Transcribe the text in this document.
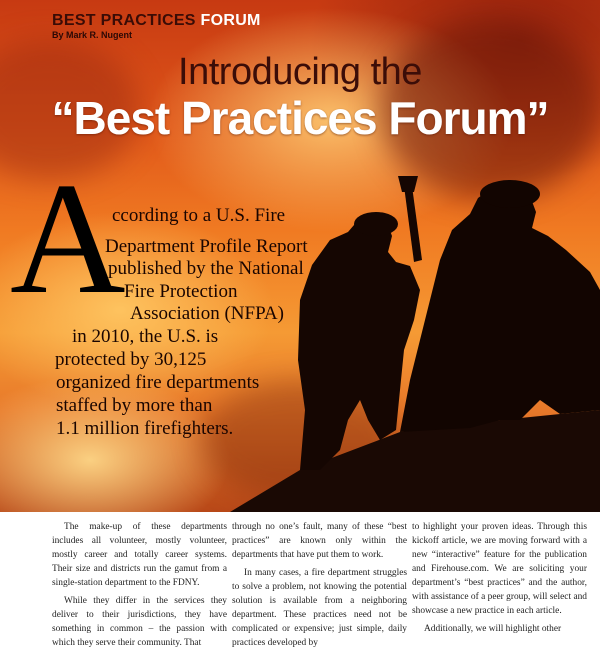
BEST PRACTICES FORUM
By Mark R. Nugent
Introducing the
“Best Practices Forum”
A
ccording to a U.S. Fire
Department Profile Report
published by the National
Fire Protection
Association (NFPA)
in 2010, the U.S. is
protected by 30,125
organized fire departments
staffed by more than
1.1 million firefighters.

The make-up of these departments includes all volunteer, mostly volunteer, mostly career and totally career systems. Their size and districts run the gamut from a single-station department to the FDNY.

While they differ in the services they deliver to their jurisdictions, they have something in common – the passion with which they serve their community. That

through no one’s fault, many of these “best practices” are known only within the departments that have put them to work.

In many cases, a fire department struggles to solve a problem, not knowing the potential solution is available from a neighboring department. These practices need not be complicated or expensive; just simple, daily practices developed by

to highlight your proven ideas. Through this kickoff article, we are moving forward with a new “interactive” feature for the publication and Firehouse.com. We are soliciting your department’s “best practices” and the author, with assistance of a peer group, will select and showcase a new practice in each article.

Additionally, we will highlight other
